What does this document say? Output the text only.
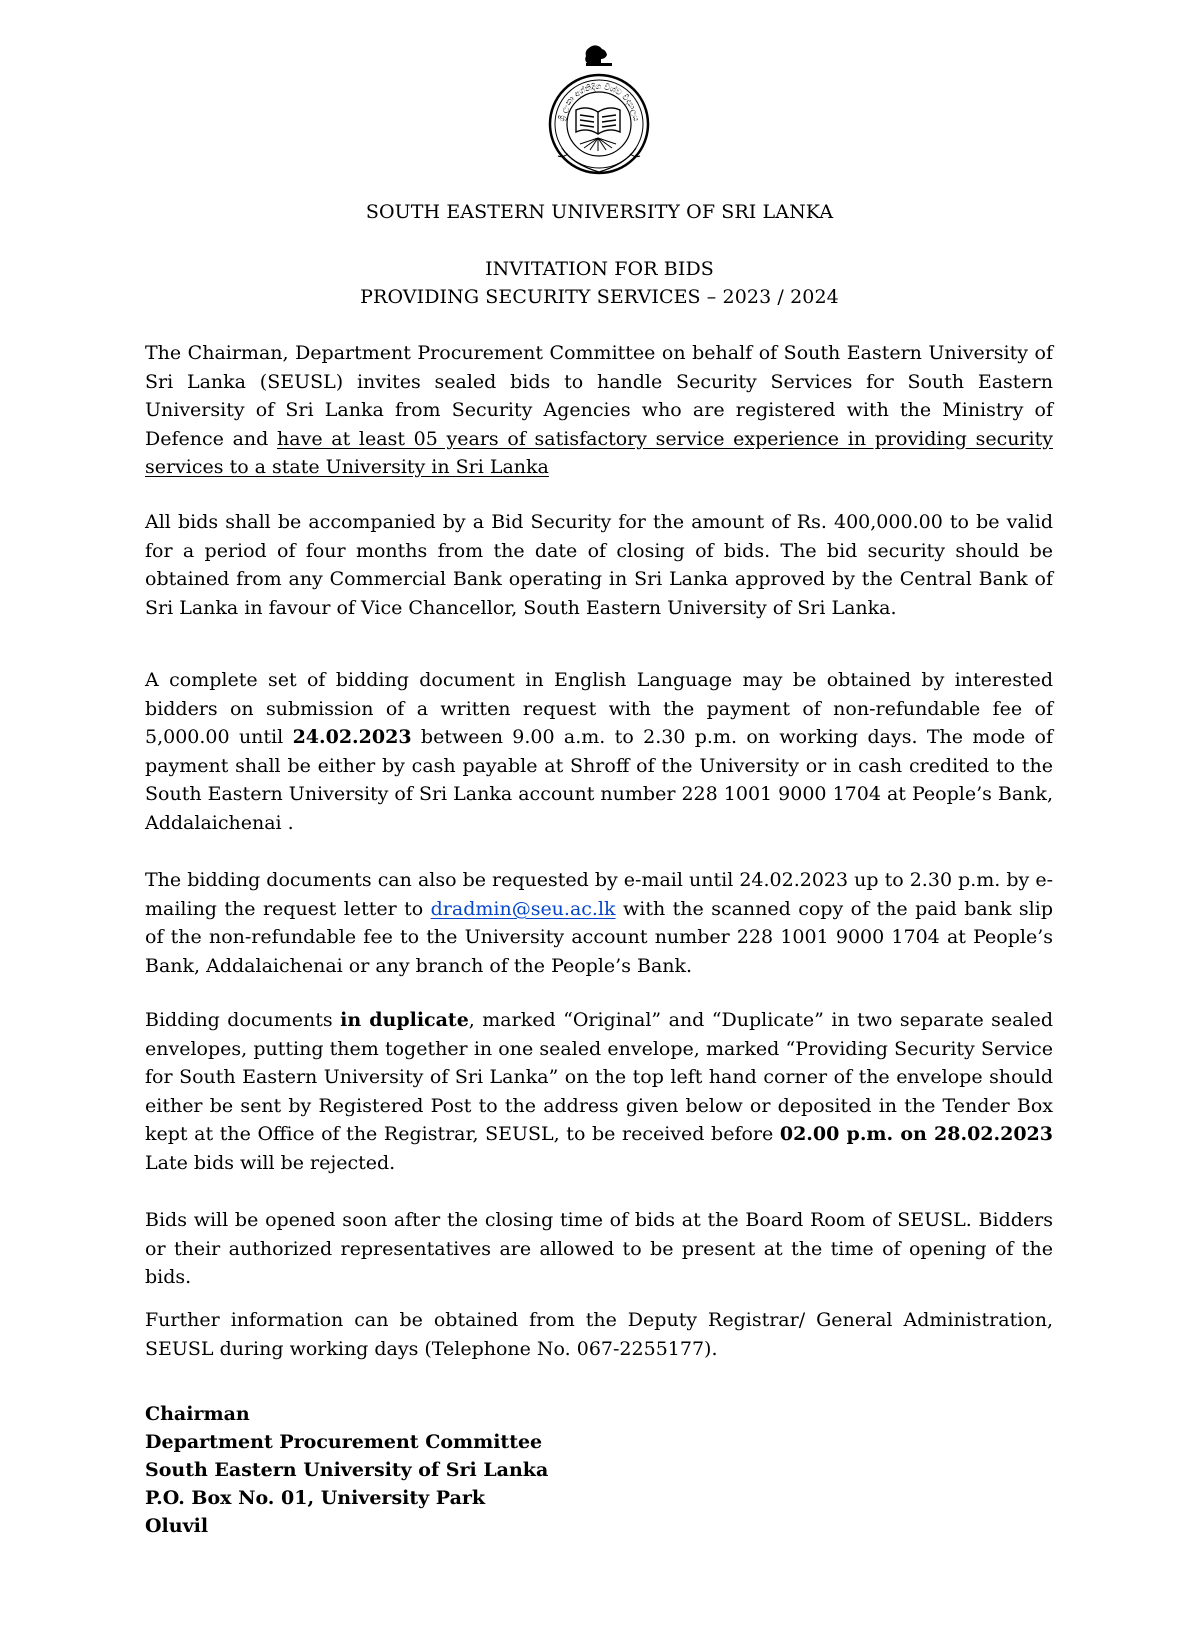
ශ්‍රී ලංකා අග්නිදිග විශ්ව විද්‍යාලය
SOUTH EASTERN UNIVERSITY OF SRI LANKA
INVITATION FOR BIDS
PROVIDING SECURITY SERVICES – 2023 / 2024
The Chairman, Department Procurement Committee on behalf of South Eastern University of Sri Lanka (SEUSL) invites sealed bids to handle Security Services for South Eastern University of Sri Lanka from Security Agencies who are registered with the Ministry of Defence and have at least 05 years of satisfactory service experience in providing security services to a state University in Sri Lanka
All bids shall be accompanied by a Bid Security for the amount of Rs. 400,000.00 to be valid for a period of four months from the date of closing of bids. The bid security should be obtained from any Commercial Bank operating in Sri Lanka approved by the Central Bank of Sri Lanka in favour of Vice Chancellor, South Eastern University of Sri Lanka.
A complete set of bidding document in English Language may be obtained by interested bidders on submission of a written request with the payment of non-refundable fee of 5,000.00 until 24.02.2023 between 9.00 a.m. to 2.30 p.m. on working days. The mode of payment shall be either by cash payable at Shroff of the University or in cash credited to the South Eastern University of Sri Lanka account number 228 1001 9000 1704 at People’s Bank, Addalaichenai .
The bidding documents can also be requested by e-mail until 24.02.2023 up to 2.30 p.m. by e-mailing the request letter to dradmin@seu.ac.lk with the scanned copy of the paid bank slip of the non-refundable fee to the University account number 228 1001 9000 1704 at People’s Bank, Addalaichenai or any branch of the People’s Bank.
Bidding documents in duplicate, marked “Original” and “Duplicate” in two separate sealed envelopes, putting them together in one sealed envelope, marked “Providing Security Service for South Eastern University of Sri Lanka” on the top left hand corner of the envelope should either be sent by Registered Post to the address given below or deposited in the Tender Box kept at the Office of the Registrar, SEUSL, to be received before 02.00 p.m. on 28.02.2023 Late bids will be rejected.
Bids will be opened soon after the closing time of bids at the Board Room of SEUSL. Bidders or their authorized representatives are allowed to be present at the time of opening of the bids.
Further information can be obtained from the Deputy Registrar/ General Administration, SEUSL during working days (Telephone No. 067-2255177).
Chairman
Department Procurement Committee
South Eastern University of Sri Lanka
P.O. Box No. 01, University Park
Oluvil
